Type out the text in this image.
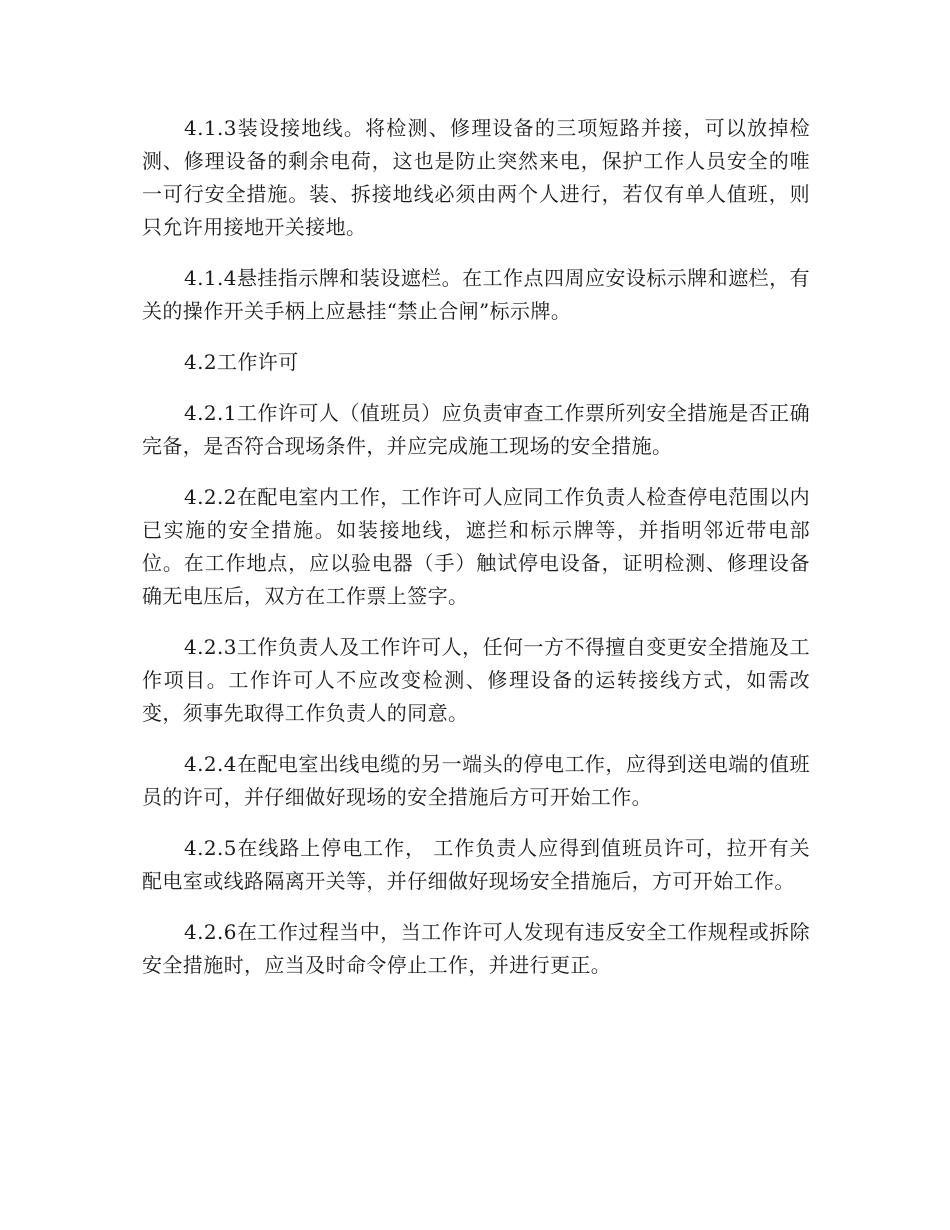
4.1.3装设接地线。将检测、修理设备的三项短路并接，可以放掉检测、修理设备的剩余电荷，这也是防止突然来电，保护工作人员安全的唯一可行安全措施。装、拆接地线必须由两个人进行，若仅有单人值班，则只允许用接地开关接地。

4.1.4悬挂指示牌和装设遮栏。在工作点四周应安设标示牌和遮栏，有关的操作开关手柄上应悬挂“禁止合闸”标示牌。

4.2工作许可

4.2.1工作许可人（值班员）应负责审查工作票所列安全措施是否正确完备，是否符合现场条件，并应完成施工现场的安全措施。

4.2.2在配电室内工作，工作许可人应同工作负责人检查停电范围以内已实施的安全措施。如装接地线，遮拦和标示牌等，并指明邻近带电部位。在工作地点，应以验电器（手）触试停电设备，证明检测、修理设备确无电压后，双方在工作票上签字。

4.2.3工作负责人及工作许可人，任何一方不得擅自变更安全措施及工作项目。工作许可人不应改变检测、修理设备的运转接线方式，如需改变，须事先取得工作负责人的同意。

4.2.4在配电室出线电缆的另一端头的停电工作，应得到送电端的值班员的许可，并仔细做好现场的安全措施后方可开始工作。

4.2.5在线路上停电工作， 工作负责人应得到值班员许可，拉开有关配电室或线路隔离开关等，并仔细做好现场安全措施后，方可开始工作。

4.2.6在工作过程当中，当工作许可人发现有违反安全工作规程或拆除安全措施时，应当及时命令停止工作，并进行更正。
